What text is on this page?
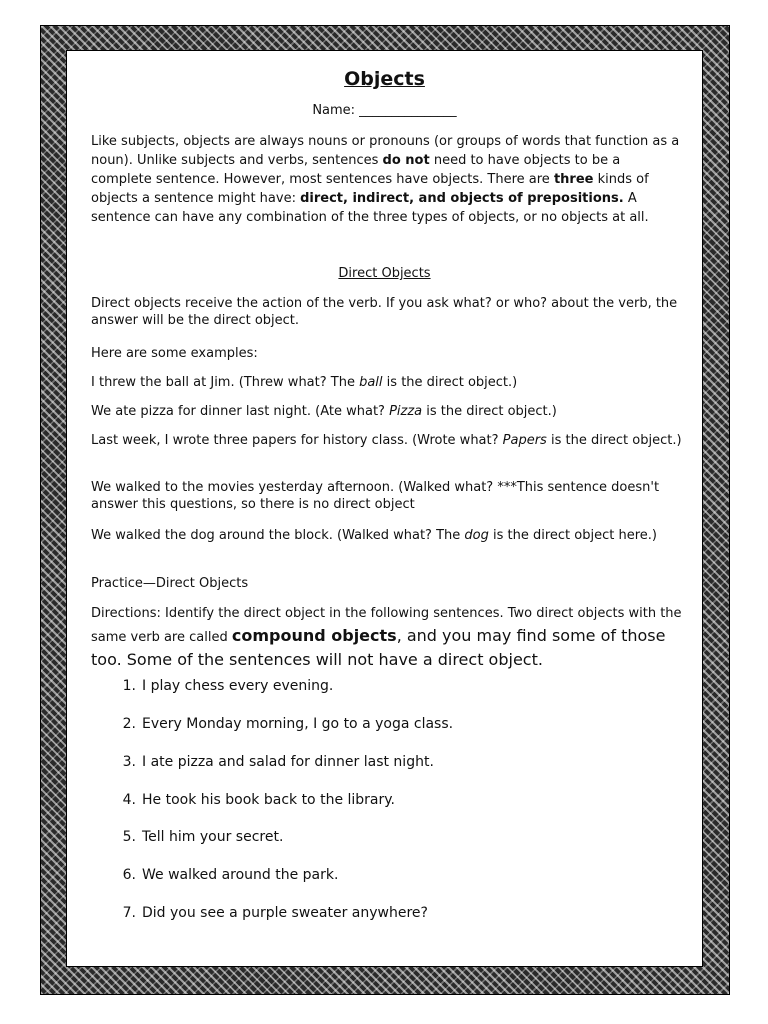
Objects
Name: _______________

Like subjects, objects are always nouns or pronouns (or groups of words that function as a noun). Unlike subjects and verbs, sentences do not need to have objects to be a complete sentence. However, most sentences have objects. There are three kinds of objects a sentence might have: direct, indirect, and objects of prepositions. A sentence can have any combination of the three types of objects, or no objects at all.

Direct Objects

Direct objects receive the action of the verb. If you ask what? or who? about the verb, the answer will be the direct object.

Here are some examples:

I threw the ball at Jim. (Threw what? The ball is the direct object.)

We ate pizza for dinner last night. (Ate what? Pizza is the direct object.)

Last week, I wrote three papers for history class. (Wrote what? Papers is the direct object.)

We walked to the movies yesterday afternoon. (Walked what? ***This sentence doesn't answer this questions, so there is no direct object

We walked the dog around the block. (Walked what? The dog is the direct object here.)

Practice—Direct Objects

Directions: Identify the direct object in the following sentences. Two direct objects with the same verb are called compound objects, and you may find some of those too. Some of the sentences will not have a direct object.

1. I play chess every evening.
2. Every Monday morning, I go to a yoga class.
3. I ate pizza and salad for dinner last night.
4. He took his book back to the library.
5. Tell him your secret.
6. We walked around the park.
7. Did you see a purple sweater anywhere?
